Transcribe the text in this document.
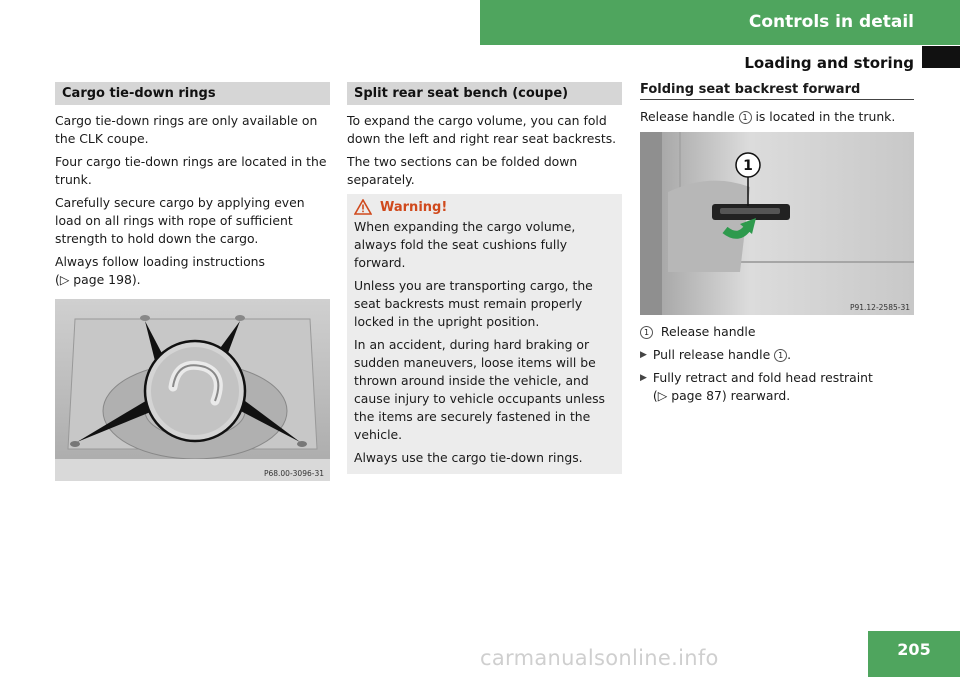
Controls in detail
Loading and storing
Cargo tie-down rings

Cargo tie-down rings are only available on the CLK coupe.

Four cargo tie-down rings are located in the trunk.

Carefully secure cargo by applying even load on all rings with rope of sufficient strength to hold down the cargo.

Always follow loading instructions

(▷ page 198).

P68.00-3096-31
Split rear seat bench (coupe)

To expand the cargo volume, you can fold down the left and right rear seat backrests.

The two sections can be folded down separately.

Warning!

When expanding the cargo volume, always fold the seat cushions fully forward.

Unless you are transporting cargo, the seat backrests must remain properly locked in the upright position.

In an accident, during hard braking or sudden maneuvers, loose items will be thrown around inside the vehicle, and cause injury to vehicle occupants unless the items are securely fastened in the vehicle.

Always use the cargo tie-down rings.

Folding seat backrest forward

Release handle 1 is located in the trunk.

1
P91.12-2585-31

1 Release handle

▶ Pull release handle 1 .

▶ Fully retract and fold head restraint
(▷ page 87) rearward.

205
carmanualsonline.info
